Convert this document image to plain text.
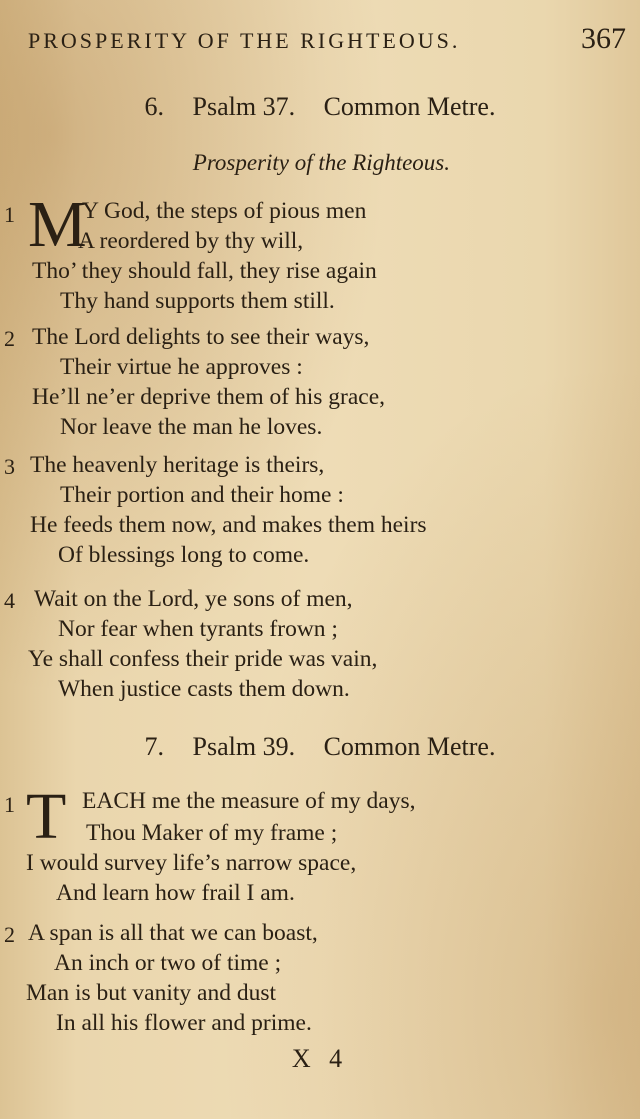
PROSPERITY OF THE RIGHTEOUS.	367
6. Psalm 37. Common Metre.
Prosperity of the Righteous.
1 M
Y God, the steps of pious men
A reordered by thy will,
Tho’ they should fall, they rise again
Thy hand supports them still.
2 The Lord delights to see their ways,
Their virtue he approves :
He’ll ne’er deprive them of his grace,
Nor leave the man he loves.
3 The heavenly heritage is theirs,
Their portion and their home :
He feeds them now, and makes them heirs
Of blessings long to come.
4 Wait on the Lord, ye sons of men,
Nor fear when tyrants frown ;
Ye shall confess their pride was vain,
When justice casts them down.
7. Psalm 39. Common Metre.
1 T EACH me the measure of my days,
Thou Maker of my frame ;
I would survey life’s narrow space,
And learn how frail I am.
2 A span is all that we can boast,
An inch or two of time ;
Man is but vanity and dust
In all his flower and prime.
X 4
